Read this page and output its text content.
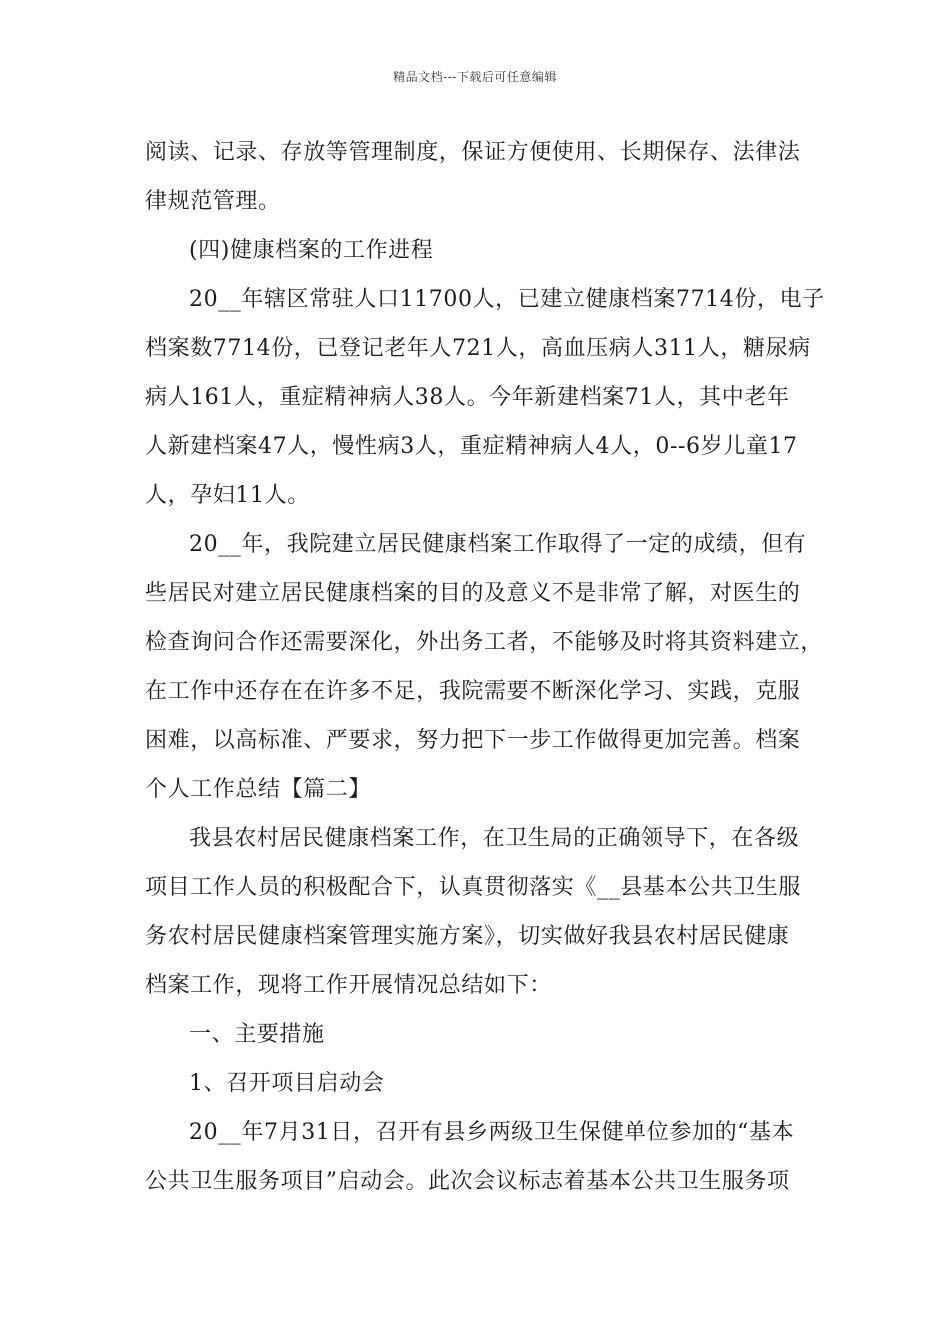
精品文档---下载后可任意编辑
阅读、记录、存放等管理制度，保证方便使用、长期保存、法律法
律规范管理。
(四)健康档案的工作进程
20__年辖区常驻人口11700人，已建立健康档案7714份，电子
档案数7714份，已登记老年人721人，高血压病人311人，糖尿病
病人161人，重症精神病人38人。今年新建档案71人，其中老年
人新建档案47人，慢性病3人，重症精神病人4人，0--6岁儿童17
人，孕妇11人。
20__年，我院建立居民健康档案工作取得了一定的成绩，但有
些居民对建立居民健康档案的目的及意义不是非常了解，对医生的
检查询问合作还需要深化，外出务工者，不能够及时将其资料建立，
在工作中还存在在许多不足，我院需要不断深化学习、实践，克服
困难，以高标准、严要求，努力把下一步工作做得更加完善。档案
个人工作总结【篇二】
我县农村居民健康档案工作，在卫生局的正确领导下，在各级
项目工作人员的积极配合下，认真贯彻落实《__县基本公共卫生服
务农村居民健康档案管理实施方案》，切实做好我县农村居民健康
档案工作，现将工作开展情况总结如下：
一、主要措施
1、召开项目启动会
20__年7月31日，召开有县乡两级卫生保健单位参加的“基本
公共卫生服务项目”启动会。此次会议标志着基本公共卫生服务项
